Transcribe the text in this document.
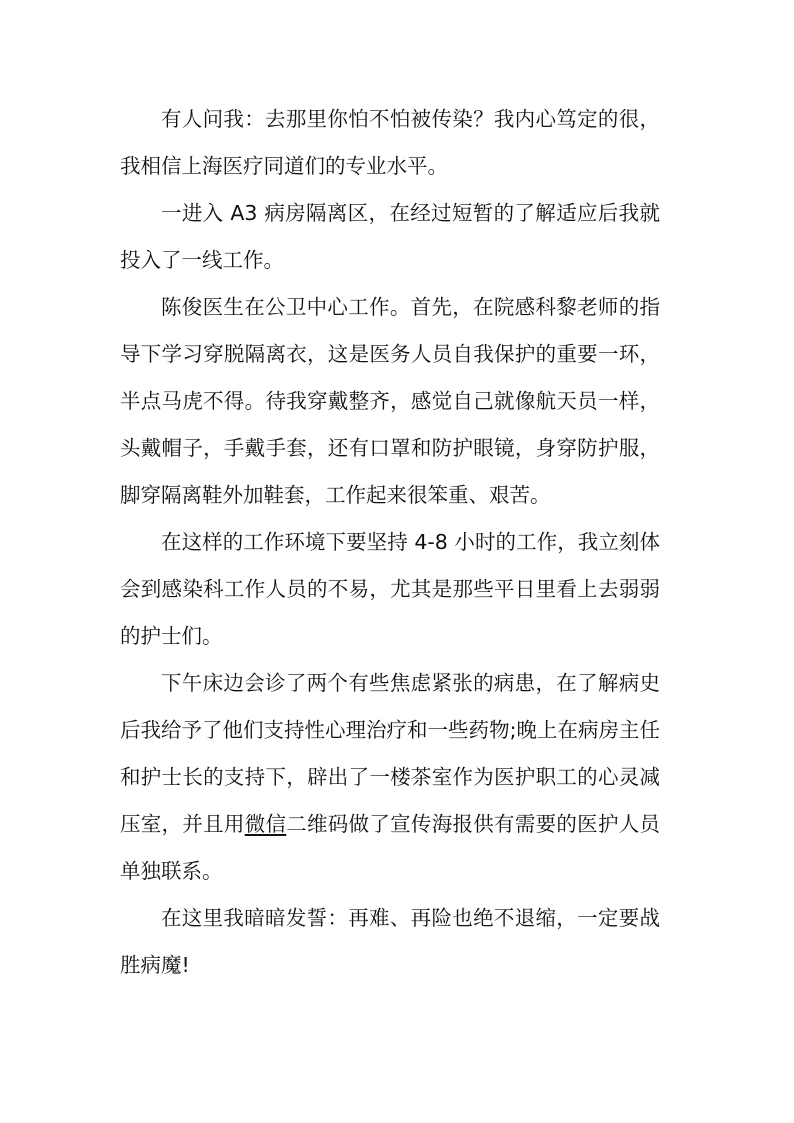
有人问我：去那里你怕不怕被传染？我内心笃定的很，我相信上海医疗同道们的专业水平。

一进入 A3 病房隔离区，在经过短暂的了解适应后我就投入了一线工作。

陈俊医生在公卫中心工作。首先，在院感科黎老师的指导下学习穿脱隔离衣，这是医务人员自我保护的重要一环，半点马虎不得。待我穿戴整齐，感觉自己就像航天员一样，头戴帽子，手戴手套，还有口罩和防护眼镜，身穿防护服，脚穿隔离鞋外加鞋套，工作起来很笨重、艰苦。

在这样的工作环境下要坚持 4-8 小时的工作，我立刻体会到感染科工作人员的不易，尤其是那些平日里看上去弱弱的护士们。

下午床边会诊了两个有些焦虑紧张的病患，在了解病史后我给予了他们支持性心理治疗和一些药物;晚上在病房主任和护士长的支持下，辟出了一楼茶室作为医护职工的心灵减压室，并且用微信二维码做了宣传海报供有需要的医护人员单独联系。

在这里我暗暗发誓：再难、再险也绝不退缩，一定要战胜病魔!
